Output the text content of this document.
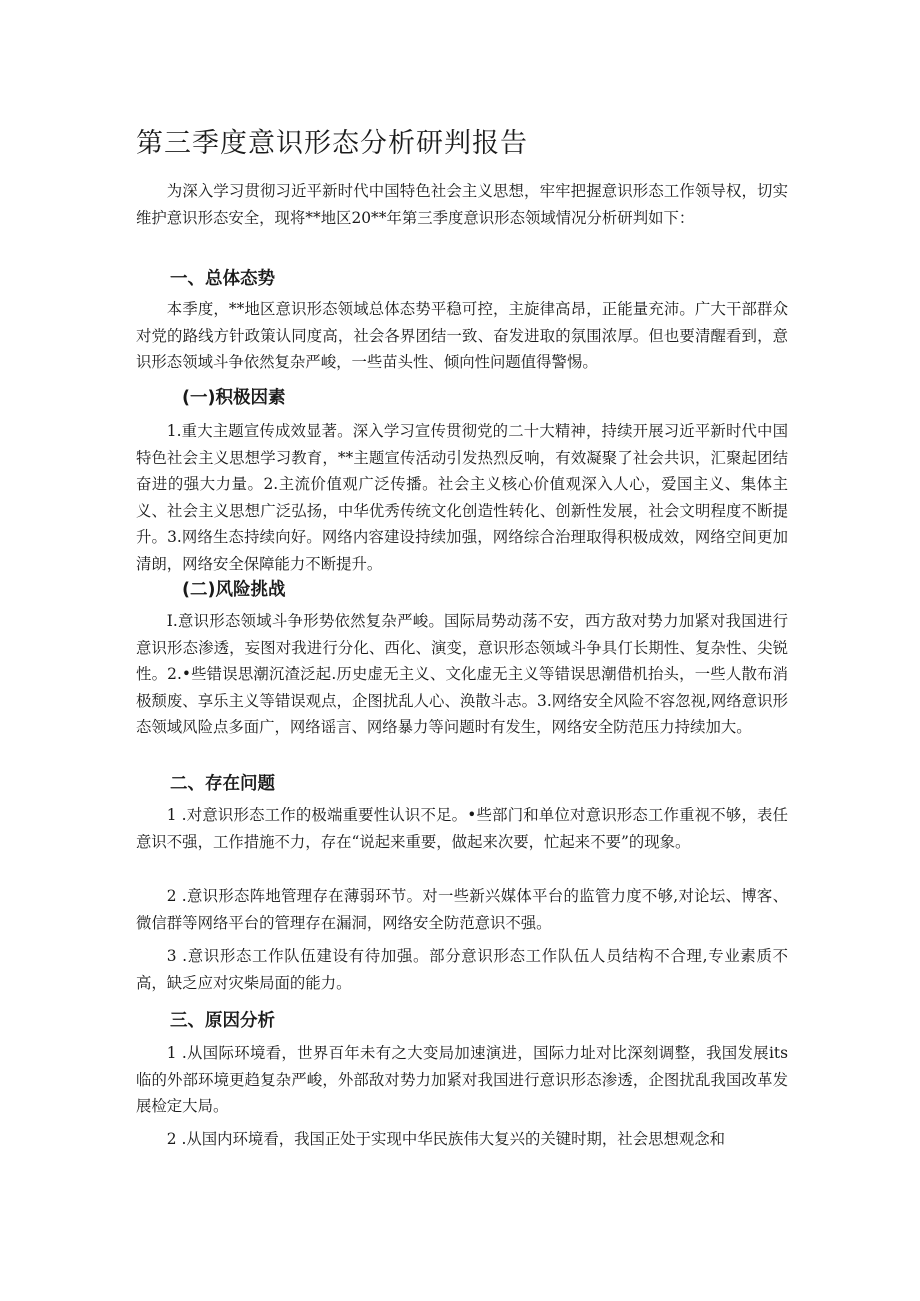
第三季度意识形态分析研判报告

为深入学习贯彻习近平新时代中国特色社会主义思想，牢牢把握意识形态工作领导权，切实维护意识形态安全，现将**地区20**年第三季度意识形态领域情况分析研判如下：

一、总体态势

本季度，**地区意识形态领域总体态势平稳可控，主旋律高昂，正能量充沛。广大干部群众对党的路线方针政策认同度高，社会各界团结一致、奋发进取的氛围浓厚。但也要清醒看到，意识形态领域斗争依然复杂严峻，一些苗头性、倾向性问题值得警惕。

(一)积极因素

1.重大主题宣传成效显著。深入学习宣传贯彻党的二十大精神，持续开展习近平新时代中国特色社会主义思想学习教育，**主题宣传活动引发热烈反响，有效凝聚了社会共识，汇聚起团结奋进的强大力量。2.主流价值观广泛传播。社会主义核心价值观深入人心，爱国主义、集体主义、社会主义思想广泛弘扬，中华优秀传统文化创造性转化、创新性发展，社会文明程度不断提升。3.网络生态持续向好。网络内容建设持续加强，网络综合治理取得积极成效，网络空间更加清朗，网络安全保障能力不断提升。

(二)风险挑战

I.意识形态领域斗争形势依然复杂严峻。国际局势动荡不安，西方敌对势力加紧对我国进行意识形态渗透，妄图对我进行分化、西化、演变，意识形态领域斗争具仃长期性、复杂性、尖锐性。2.•些错误思潮沉渣泛起.历史虚无主义、文化虚无主义等错误思潮借机抬头，一些人散布消极颓废、享乐主义等错误观点，企图扰乱人心、涣散斗志。3.网络安全风险不容忽视,网络意识形态领域风险点多面广，网络谣言、网络暴力等问题时有发生，网络安全防范压力持续加大。

二、存在问题

1 .对意识形态工作的极端重要性认识不足。•些部门和单位对意识形态工作重视不够，表任意识不强，工作措施不力，存在“说起来重要，做起来次要，忙起来不要”的现象。

2 .意识形态阵地管理存在薄弱环节。对一些新兴媒体平台的监管力度不够,对论坛、博客、微信群等网络平台的管理存在漏洞，网络安全防范意识不强。

3 .意识形态工作队伍建设有待加强。部分意识形态工作队伍人员结构不合理,专业素质不高，缺乏应对灾柴局面的能力。

三、原因分析

1 .从国际环境看，世界百年未有之大变局加速演进，国际力址对比深刻调整，我国发展its临的外部环境更趋复杂严峻，外部敌对势力加紧对我国进行意识形态渗透，企图扰乱我国改革发展检定大局。

2 .从国内环境看，我国正处于实现中华民族伟大复兴的关键时期，社会思想观念和
